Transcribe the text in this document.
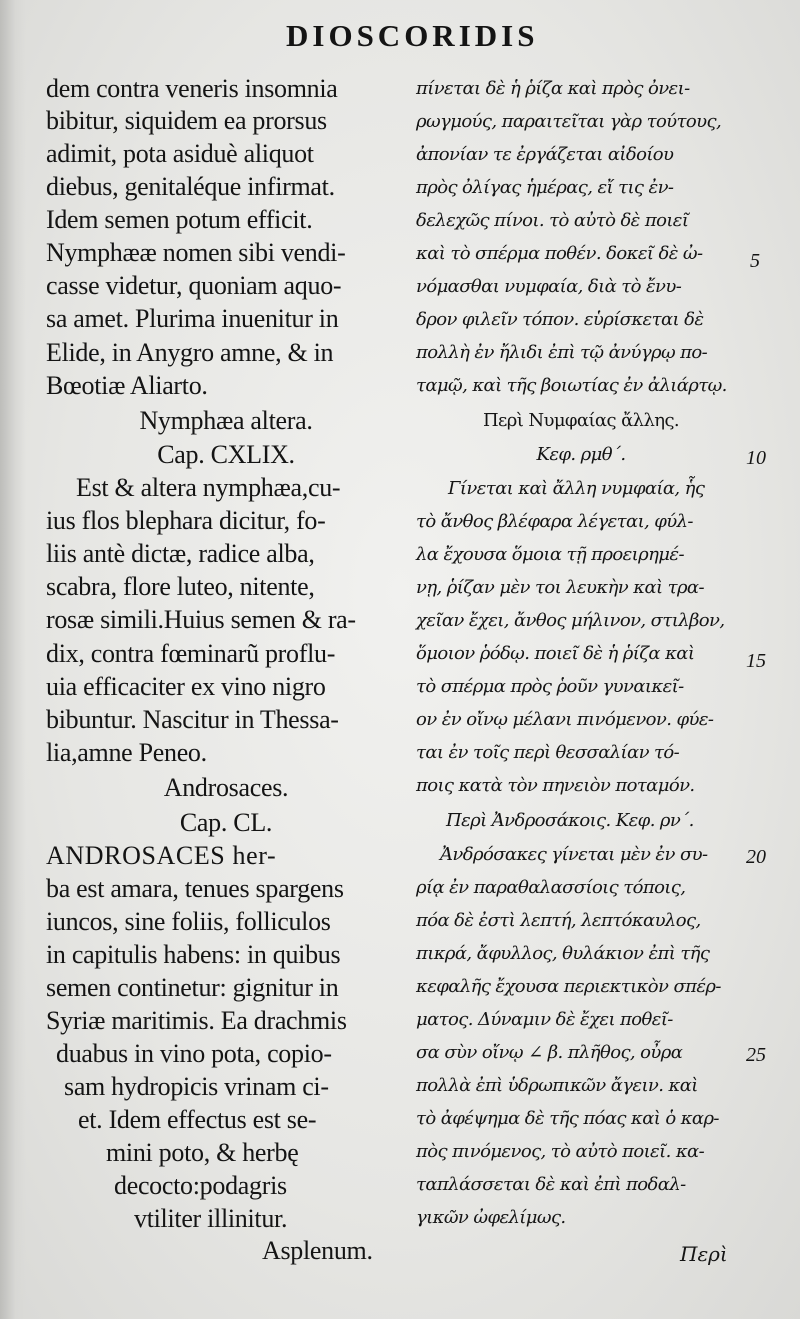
DIOSCORIDIS
dem contra veneris insomnia
bibitur, siquidem ea prorsus
adimit, pota asiduè aliquot
diebus, genitaléque infirmat.
Idem semen potum efficit.
Nymphææ nomen sibi vendi-
casse videtur, quoniam aquo-
sa amet. Plurima inuenitur in
Elide, in Anygro amne, & in
Bœotiæ Aliarto.
Nymphæa altera.
Cap. CXLIX.
Est & altera nymphæa,cu-
ius flos blephara dicitur, fo-
liis antè dictæ, radice alba,
scabra, flore luteo, nitente,
rosæ simili.Huius semen & ra-
dix, contra fœminarũ proflu-
uia efficaciter ex vino nigro
bibuntur. Nascitur in Thessa-
lia,amne Peneo.
Androsaces.
Cap. CL.
ANDROSACES her-
ba est amara, tenues spargens
iuncos, sine foliis, folliculos
in capitulis habens: in quibus
semen continetur: gignitur in
Syriæ maritimis. Ea drachmis
duabus in vino pota, copio-
sam hydropicis vrinam ci-
et. Idem effectus est se-
mini poto, & herbę
decocto:podagris
vtiliter illinitur.
Asplenum.
πίνεται δὲ ἡ ῥίζα καὶ πρὸς ὀνει-
ρωγμούς, παραιτεῖται γὰρ τούτους,
ἀπονίαν τε ἐργάζεται αἰδοίου
πρὸς ὀλίγας ἡμέρας, εἴ τις ἐν-
δελεχῶς πίνοι. τὸ αὐτὸ δὲ ποιεῖ
καὶ τὸ σπέρμα ποθέν. δοκεῖ δὲ ὠ-
νόμασθαι νυμφαία, διὰ τὸ ἔνυ-
δρον φιλεῖν τόπον. εὑρίσκεται δὲ
πολλὴ ἐν ἤλιδι ἐπὶ τῷ ἀνύγρῳ πο-
ταμῷ, καὶ τῆς βοιωτίας ἐν ἀλιάρτῳ.
Περὶ Νυμφαίας ἄλλης.
Κεφ. ρμθ΄.
Γίνεται καὶ ἄλλη νυμφαία, ἧς
τὸ ἄνθος βλέφαρα λέγεται, φύλ-
λα ἔχουσα ὅμοια τῇ προειρημέ-
νῃ, ῥίζαν μὲν τοι λευκὴν καὶ τρα-
χεῖαν ἔχει, ἄνθος μήλινον, στιλβον,
ὅμοιον ῥόδῳ. ποιεῖ δὲ ἡ ῥίζα καὶ
τὸ σπέρμα πρὸς ῥοῦν γυναικεῖ-
ον ἐν οἴνῳ μέλανι πινόμενον. φύε-
ται ἐν τοῖς περὶ θεσσαλίαν τό-
ποις κατὰ τὸν πηνειὸν ποταμόν.
Περὶ Ἀνδροσάκοις. Κεφ. ρν΄.
Ἀνδρόσακες γίνεται μὲν ἐν συ-
ρίᾳ ἐν παραθαλασσίοις τόποις,
πόα δὲ ἐστὶ λεπτή, λεπτόκαυλος,
πικρά, ἄφυλλος, θυλάκιον ἐπὶ τῆς
κεφαλῆς ἔχουσα περιεκτικὸν σπέρ-
ματος. Δύναμιν δὲ ἔχει ποθεῖ-
σα σὺν οἴνῳ ∠ β. πλῆθος, οὖρα
πολλὰ ἐπὶ ὑδρωπικῶν ἄγειν. καὶ
τὸ ἀφέψημα δὲ τῆς πόας καὶ ὁ καρ-
πὸς πινόμενος, τὸ αὐτὸ ποιεῖ. κα-
ταπλάσσεται δὲ καὶ ἐπὶ ποδαλ-
γικῶν ὠφελίμως.
5
10
15
20
25
Περὶ
